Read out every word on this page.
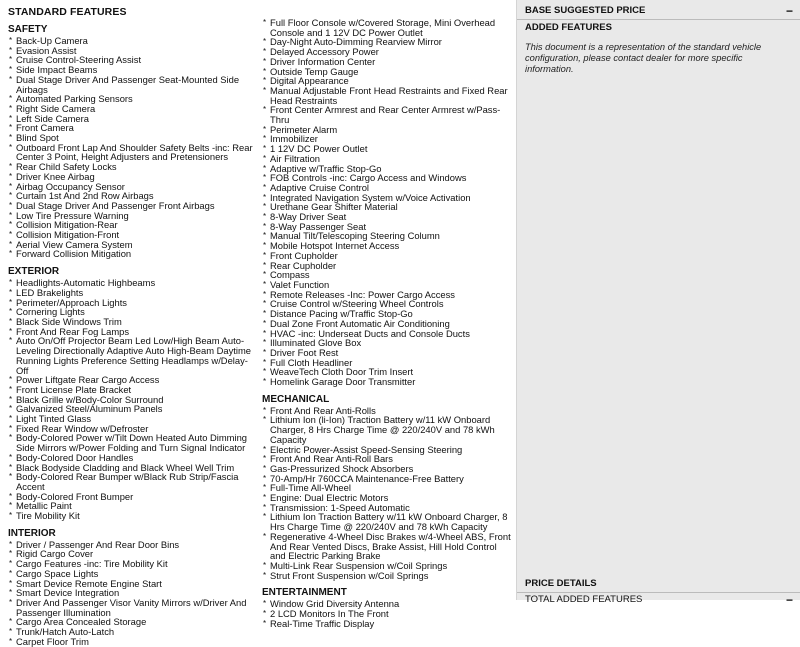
STANDARD FEATURES
SAFETY
* Back-Up Camera
* Evasion Assist
* Cruise Control-Steering Assist
* Side Impact Beams
* Dual Stage Driver And Passenger Seat-Mounted Side Airbags
* Automated Parking Sensors
* Right Side Camera
* Left Side Camera
* Front Camera
* Blind Spot
* Outboard Front Lap And Shoulder Safety Belts -inc: Rear Center 3 Point, Height Adjusters and Pretensioners
* Rear Child Safety Locks
* Driver Knee Airbag
* Airbag Occupancy Sensor
* Curtain 1st And 2nd Row Airbags
* Dual Stage Driver And Passenger Front Airbags
* Low Tire Pressure Warning
* Collision Mitigation-Rear
* Collision Mitigation-Front
* Aerial View Camera System
* Forward Collision Mitigation
EXTERIOR
* Headlights-Automatic Highbeams
* LED Brakelights
* Perimeter/Approach Lights
* Cornering Lights
* Black Side Windows Trim
* Front And Rear Fog Lamps
* Auto On/Off Projector Beam Led Low/High Beam Auto-Leveling Directionally Adaptive Auto High-Beam Daytime Running Lights Preference Setting Headlamps w/Delay-Off
* Power Liftgate Rear Cargo Access
* Front License Plate Bracket
* Black Grille w/Body-Color Surround
* Galvanized Steel/Aluminum Panels
* Light Tinted Glass
* Fixed Rear Window w/Defroster
* Body-Colored Power w/Tilt Down Heated Auto Dimming Side Mirrors w/Power Folding and Turn Signal Indicator
* Body-Colored Door Handles
* Black Bodyside Cladding and Black Wheel Well Trim
* Body-Colored Rear Bumper w/Black Rub Strip/Fascia Accent
* Body-Colored Front Bumper
* Metallic Paint
* Tire Mobility Kit
INTERIOR
* Driver / Passenger And Rear Door Bins
* Rigid Cargo Cover
* Cargo Features -inc: Tire Mobility Kit
* Cargo Space Lights
* Smart Device Remote Engine Start
* Smart Device Integration
* Driver And Passenger Visor Vanity Mirrors w/Driver And Passenger Illumination
* Cargo Area Concealed Storage
* Trunk/Hatch Auto-Latch
* Carpet Floor Trim
* Full Floor Console w/Covered Storage, Mini Overhead Console and 1 12V DC Power Outlet
* Day-Night Auto-Dimming Rearview Mirror
* Delayed Accessory Power
* Driver Information Center
* Outside Temp Gauge
* Digital Appearance
* Manual Adjustable Front Head Restraints and Fixed Rear Head Restraints
* Front Center Armrest and Rear Center Armrest w/Pass-Thru
* Perimeter Alarm
* Immobilizer
* 1 12V DC Power Outlet
* Air Filtration
* Adaptive w/Traffic Stop-Go
* FOB Controls -inc: Cargo Access and Windows
* Adaptive Cruise Control
* Integrated Navigation System w/Voice Activation
* Urethane Gear Shifter Material
* 8-Way Driver Seat
* 8-Way Passenger Seat
* Manual Tilt/Telescoping Steering Column
* Mobile Hotspot Internet Access
* Front Cupholder
* Rear Cupholder
* Compass
* Valet Function
* Remote Releases -Inc: Power Cargo Access
* Cruise Control w/Steering Wheel Controls
* Distance Pacing w/Traffic Stop-Go
* Dual Zone Front Automatic Air Conditioning
* HVAC -inc: Underseat Ducts and Console Ducts
* Illuminated Glove Box
* Driver Foot Rest
* Full Cloth Headliner
* WeaveTech Cloth Door Trim Insert
* Homelink Garage Door Transmitter
MECHANICAL
* Front And Rear Anti-Rolls
* Lithium Ion (li-Ion) Traction Battery w/11 kW Onboard Charger, 8 Hrs Charge Time @ 220/240V and 78 kWh Capacity
* Electric Power-Assist Speed-Sensing Steering
* Front And Rear Anti-Roll Bars
* Gas-Pressurized Shock Absorbers
* 70-Amp/Hr 760CCA Maintenance-Free Battery
* Full-Time All-Wheel
* Engine: Dual Electric Motors
* Transmission: 1-Speed Automatic
* Lithium Ion Traction Battery w/11 kW Onboard Charger, 8 Hrs Charge Time @ 220/240V and 78 kWh Capacity
* Regenerative 4-Wheel Disc Brakes w/4-Wheel ABS, Front And Rear Vented Discs, Brake Assist, Hill Hold Control and Electric Parking Brake
* Multi-Link Rear Suspension w/Coil Springs
* Strut Front Suspension w/Coil Springs
ENTERTAINMENT
* Window Grid Diversity Antenna
* 2 LCD Monitors In The Front
* Real-Time Traffic Display
BASE SUGGESTED PRICE	−
ADDED FEATURES
This document is a representation of the standard vehicle configuration, please contact dealer for more specific information.
PRICE DETAILS
TOTAL ADDED FEATURES	−
